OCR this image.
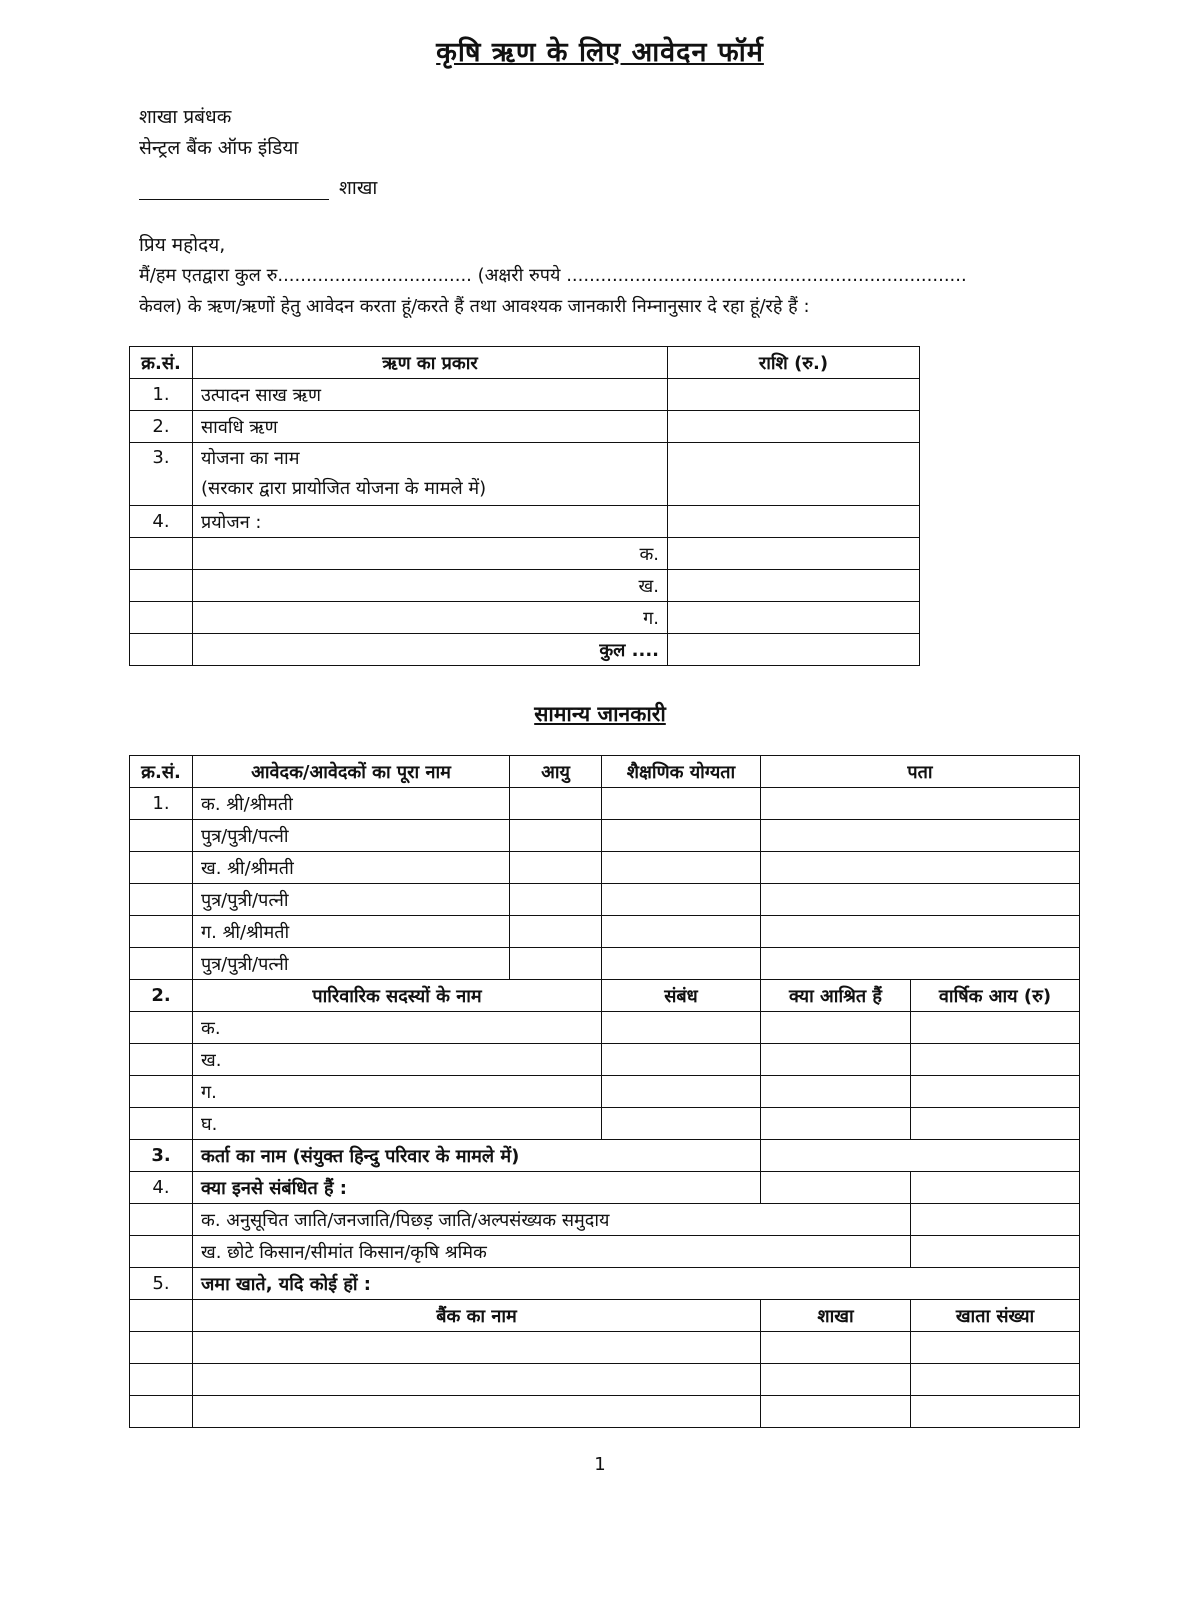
कृषि ऋण के लिए आवेदन फॉर्म
शाखा प्रबंधक
सेन्ट्रल बैंक ऑफ इंडिया
शाखा
प्रिय महोदय,
मैं/हम एतद्वारा कुल रु.................................. (अक्षरी रुपये ......................................................................
केवल) के ऋण/ऋणों हेतु आवेदन करता हूं/करते हैं तथा आवश्यक जानकारी निम्नानुसार दे रहा हूं/रहे हैं :
क्र.सं.	ऋण का प्रकार	राशि (रु.)
1.	उत्पादन साख ऋण	
2.	सावधि ऋण	

3.	योजना का नाम
(सरकार द्वारा प्रायोजित योजना के मामले में)	

4.	प्रयोजन :	
	क.	
	ख.	
	ग.	
	कुल ....	
सामान्य जानकारी
क्र.सं.	आवेदक/आवेदकों का पूरा नाम	आयु	शैक्षणिक योग्यता	पता	
1.	क. श्री/श्रीमती				
	पुत्र/पुत्री/पत्नी				
	ख. श्री/श्रीमती				
	पुत्र/पुत्री/पत्नी				
	ग. श्री/श्रीमती				
	पुत्र/पुत्री/पत्नी				
2.	पारिवारिक सदस्यों के नाम		संबंध	क्या आश्रित हैं	वार्षिक आय (रु)
	क.				
	ख.				
	ग.				
	घ.				
3.	कर्ता का नाम (संयुक्त हिन्दु परिवार के मामले में)				
4.	क्या इनसे संबंधित हैं :				
	क. अनुसूचित जाति/जनजाति/पिछड़ जाति/अल्पसंख्यक समुदाय				
	ख. छोटे किसान/सीमांत किसान/कृषि श्रमिक				
5.	जमा खाते, यदि कोई हों :				
	बैंक का नाम			शाखा	खाता संख्या

1
